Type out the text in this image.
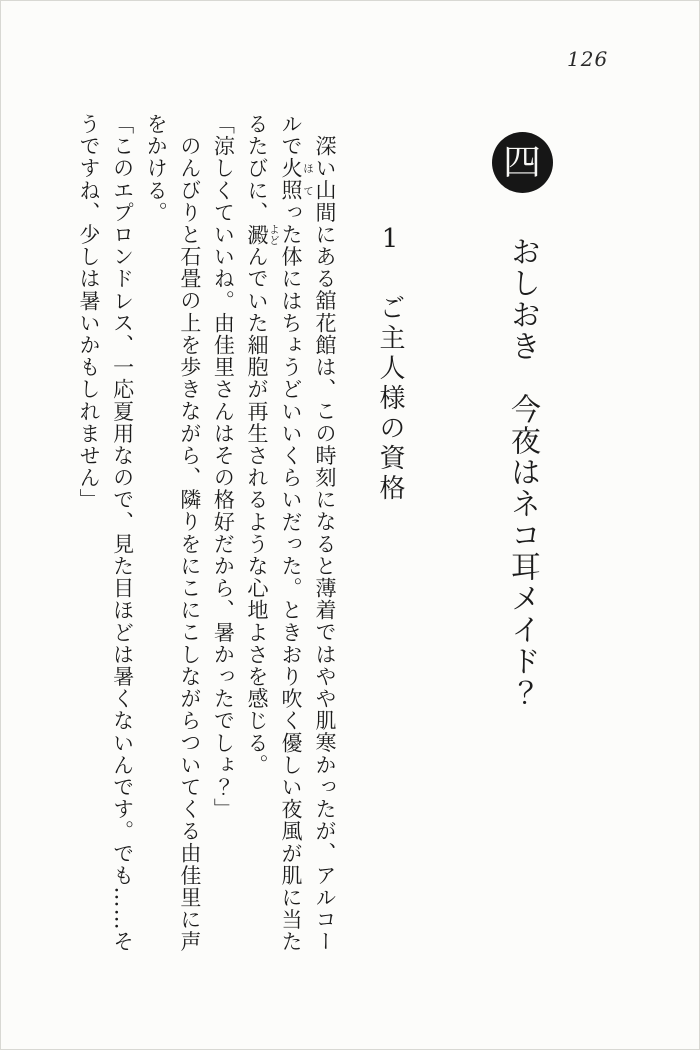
126
四
おしおき　今夜はネコ耳メイド？
1ご主人様の資格

深い山間にある舘花館は、この時刻になると薄着ではやや肌寒かったが、アルコールで火照 ほてった体にはちょうどいいくらいだった。ときおり吹く優しい夜風が肌に当たるたびに、澱 よどんでいた細胞が再生されるような心地よさを感じる。

「涼しくていいね。由佳里さんはその格好だから、暑かったでしょ？」

のんびりと石畳の上を歩きながら、隣りをにこにこしながらついてくる由佳里に声をかける。

「このエプロンドレス、一応夏用なので、見た目ほどは暑くないんです。でも……そうですね、少しは暑いかもしれません」
